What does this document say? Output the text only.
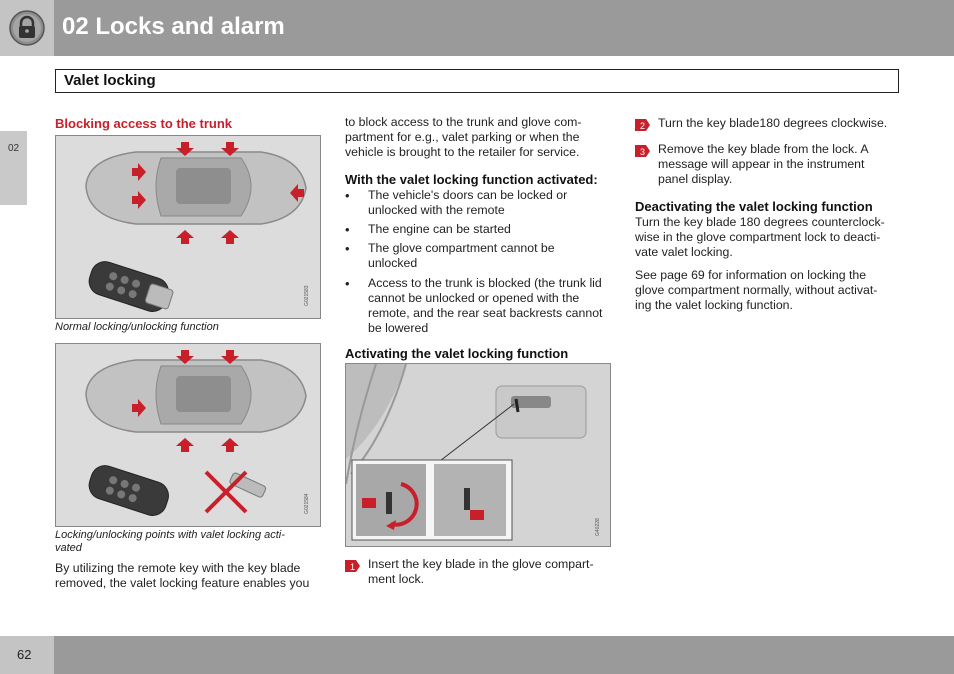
02 Locks and alarm
Valet locking
02
Blocking access to the trunk
G021583
Normal locking/unlocking function
G021584
Locking/unlocking points with valet locking acti-
vated
By utilizing the remote key with the key blade
removed, the valet locking feature enables you
to block access to the trunk and glove com-
partment for e.g., valet parking or when the
vehicle is brought to the retailer for service.
With the valet locking function activated:
• The vehicle's doors can be locked or
unlocked with the remote
• The engine can be started
• The glove compartment cannot be
unlocked
• Access to the trunk is blocked (the trunk lid
cannot be unlocked or opened with the
remote, and the rear seat backrests cannot
be lowered
Activating the valet locking function
G40228
1 Insert the key blade in the glove compart-
ment lock.
2 Turn the key blade180 degrees clockwise.
3 Remove the key blade from the lock. A
message will appear in the instrument
panel display.
Deactivating the valet locking function
Turn the key blade 180 degrees counterclock-
wise in the glove compartment lock to deacti-
vate valet locking.
See page 69 for information on locking the
glove compartment normally, without activat-
ing the valet locking function.
62
